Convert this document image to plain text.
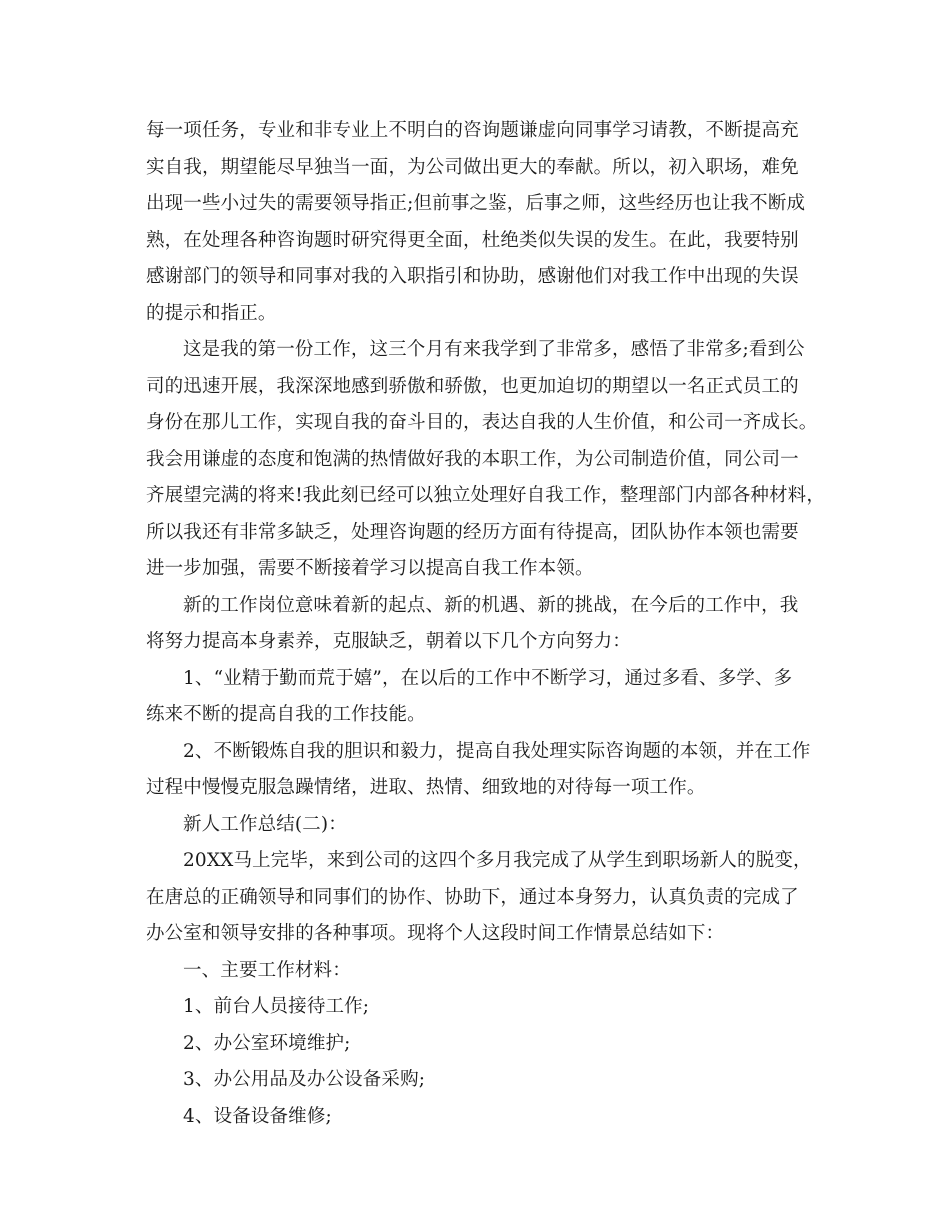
每一项任务，专业和非专业上不明白的咨询题谦虚向同事学习请教，不断提高充
实自我，期望能尽早独当一面，为公司做出更大的奉献。所以，初入职场，难免
出现一些小过失的需要领导指正;但前事之鉴，后事之师，这些经历也让我不断成
熟，在处理各种咨询题时研究得更全面，杜绝类似失误的发生。在此，我要特别
感谢部门的领导和同事对我的入职指引和协助，感谢他们对我工作中出现的失误
的提示和指正。
这是我的第一份工作，这三个月有来我学到了非常多，感悟了非常多;看到公
司的迅速开展，我深深地感到骄傲和骄傲，也更加迫切的期望以一名正式员工的
身份在那儿工作，实现自我的奋斗目的，表达自我的人生价值，和公司一齐成长。
我会用谦虚的态度和饱满的热情做好我的本职工作，为公司制造价值，同公司一
齐展望完满的将来!我此刻已经可以独立处理好自我工作，整理部门内部各种材料，
所以我还有非常多缺乏，处理咨询题的经历方面有待提高，团队协作本领也需要
进一步加强，需要不断接着学习以提高自我工作本领。
新的工作岗位意味着新的起点、新的机遇、新的挑战，在今后的工作中，我
将努力提高本身素养，克服缺乏，朝着以下几个方向努力：
1、“业精于勤而荒于嬉”，在以后的工作中不断学习，通过多看、多学、多
练来不断的提高自我的工作技能。
2、不断锻炼自我的胆识和毅力，提高自我处理实际咨询题的本领，并在工作
过程中慢慢克服急躁情绪，进取、热情、细致地的对待每一项工作。
新人工作总结(二)：
20XX马上完毕，来到公司的这四个多月我完成了从学生到职场新人的脱变，
在唐总的正确领导和同事们的协作、协助下，通过本身努力，认真负责的完成了
办公室和领导安排的各种事项。现将个人这段时间工作情景总结如下：
一、主要工作材料：
1、前台人员接待工作;
2、办公室环境维护;
3、办公用品及办公设备采购;
4、设备设备维修;
